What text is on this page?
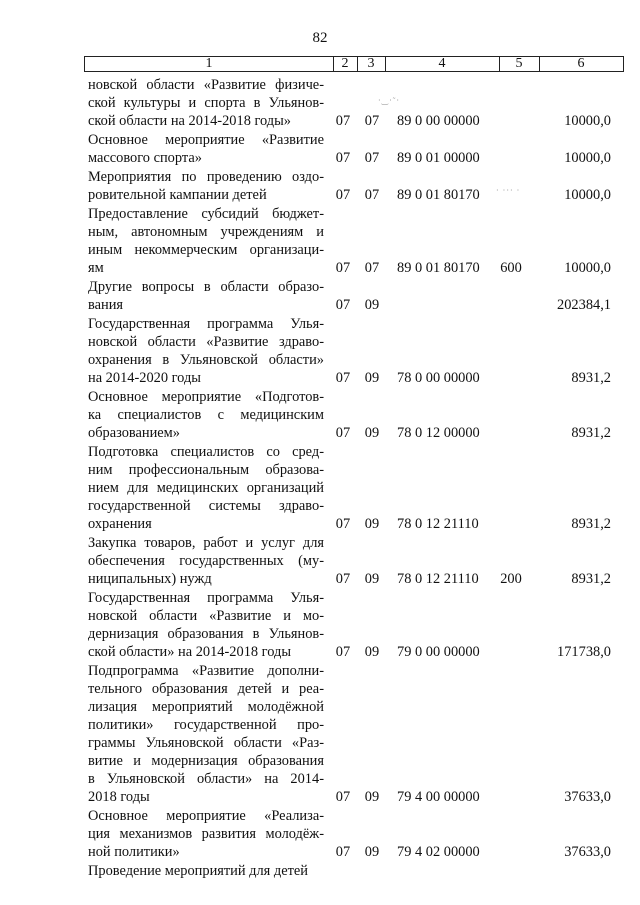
82
1	2	3	4	5	6
·‿·˜·
· ··· ·
новской области «Развитие физиче-
ской культуры и спорта в Ульянов-
ской области на 2014-2018 годы»	07 07 89 0 00 00000	10000,0
Основное мероприятие «Развитие
массового спорта»	07 07 89 0 01 00000	10000,0
Мероприятия по проведению оздо-
ровительной кампании детей	07 07 89 0 01 80170	10000,0
Предоставление субсидий бюджет-
ным, автономным учреждениям и
иным некоммерческим организаци-
ям	07 07 89 0 01 80170	600	10000,0
Другие вопросы в области образо-
вания	07 09	202384,1
Государственная программа Улья-
новской области «Развитие здраво-
охранения в Ульяновской области»
на 2014-2020 годы	07 09 78 0 00 00000	8931,2
Основное мероприятие «Подготов-
ка специалистов с медицинским
образованием»	07 09 78 0 12 00000	8931,2
Подготовка специалистов со сред-
ним профессиональным образова-
нием для медицинских организаций
государственной системы здраво-
охранения	07 09 78 0 12 21110	8931,2
Закупка товаров, работ и услуг для
обеспечения государственных (му-
ниципальных) нужд	07 09 78 0 12 21110	200	8931,2
Государственная программа Улья-
новской области «Развитие и мо-
дернизация образования в Ульянов-
ской области» на 2014-2018 годы	07 09 79 0 00 00000	171738,0
Подпрограмма «Развитие дополни-
тельного образования детей и реа-
лизация мероприятий молодёжной
политики» государственной про-
граммы Ульяновской области «Раз-
витие и модернизация образования
в Ульяновской области» на 2014-
2018 годы	07 09 79 4 00 00000	37633,0
Основное мероприятие «Реализа-
ция механизмов развития молодёж-
ной политики»	07 09 79 4 02 00000	37633,0
Проведение мероприятий для детей
